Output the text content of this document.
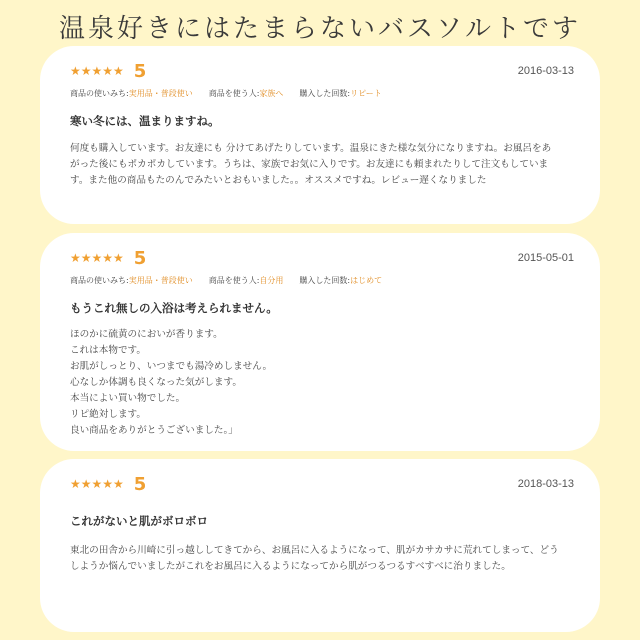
温泉好きにはたまらないバスソルトです
★★★★★ 5	2016-03-13
商品の使いみち:実用品・普段使い 商品を使う人:家族へ 購入した回数:リピート
寒い冬には、温まりますね。
何度も購入しています。お友達にも 分けてあげたりしています。温泉にきた様な気分になりますね。お風呂をあ
がった後にもポカポカしています。うちは、家族でお気に入りです。お友達にも頼まれたりして注文もしていま
す。また他の商品もたのんでみたいとおもいました。。オススメですね。レビュー遅くなりました
★★★★★ 5	2015-05-01
商品の使いみち:実用品・普段使い 商品を使う人:自分用 購入した回数:はじめて
もうこれ無しの入浴は考えられません。
ほのかに硫黄のにおいが香ります。
これは本物です。
お肌がしっとり、いつまでも湯冷めしません。
心なしか体調も良くなった気がします。
本当によい買い物でした。
リピ絶対します。
良い商品をありがとうございました。」
★★★★★ 5	2018-03-13
これがないと肌がボロボロ
東北の田舎から川崎に引っ越ししてきてから、お風呂に入るようになって、肌がカサカサに荒れてしまって、どう
しようか悩んでいましたがこれをお風呂に入るようになってから肌がつるつるすべすべに治りました。
